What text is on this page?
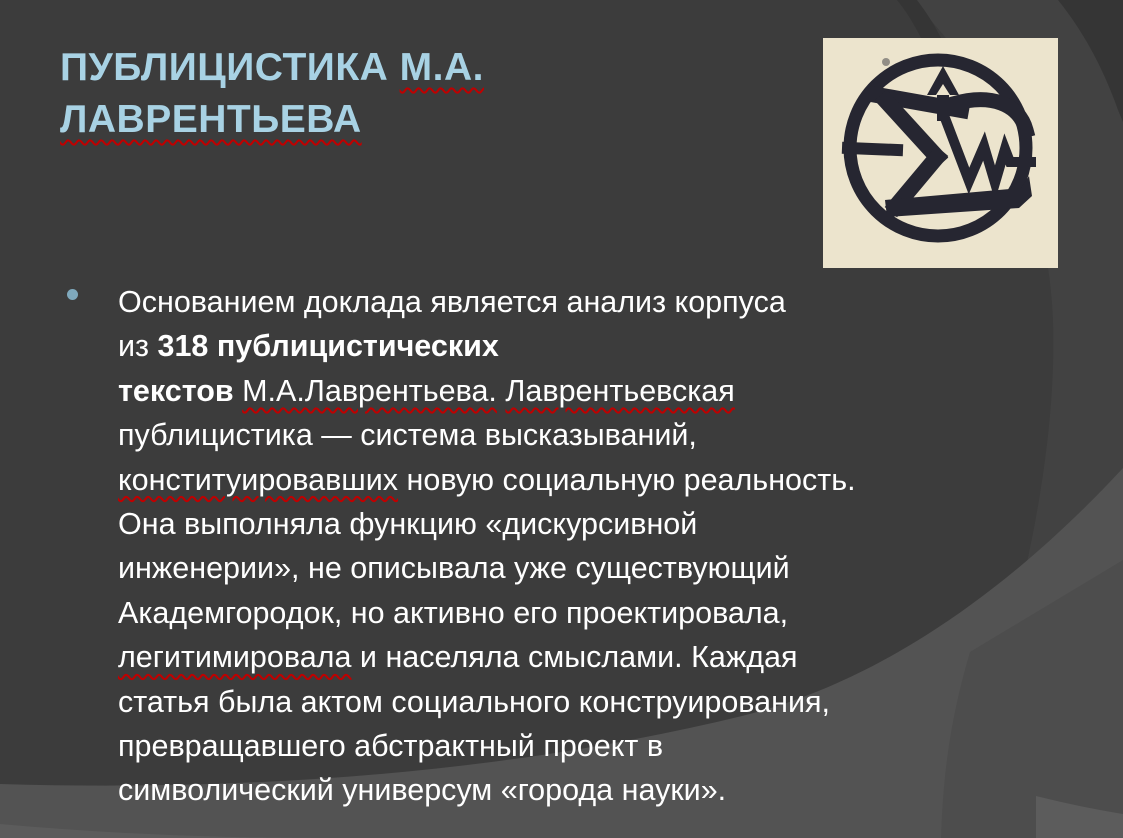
ПУБЛИЦИСТИКА М.А.
ЛАВРЕНТЬЕВА
Основанием доклада является анализ корпуса
из 318 публицистических
текстов М.А.Лаврентьева. Лаврентьевская
публицистика — система высказываний,
конституировавших новую социальную реальность.
Она выполняла функцию «дискурсивной
инженерии», не описывала уже существующий
Академгородок, но активно его проектировала,
легитимировала и населяла смыслами. Каждая
статья была актом социального конструирования,
превращавшего абстрактный проект в
символический универсум «города науки».
